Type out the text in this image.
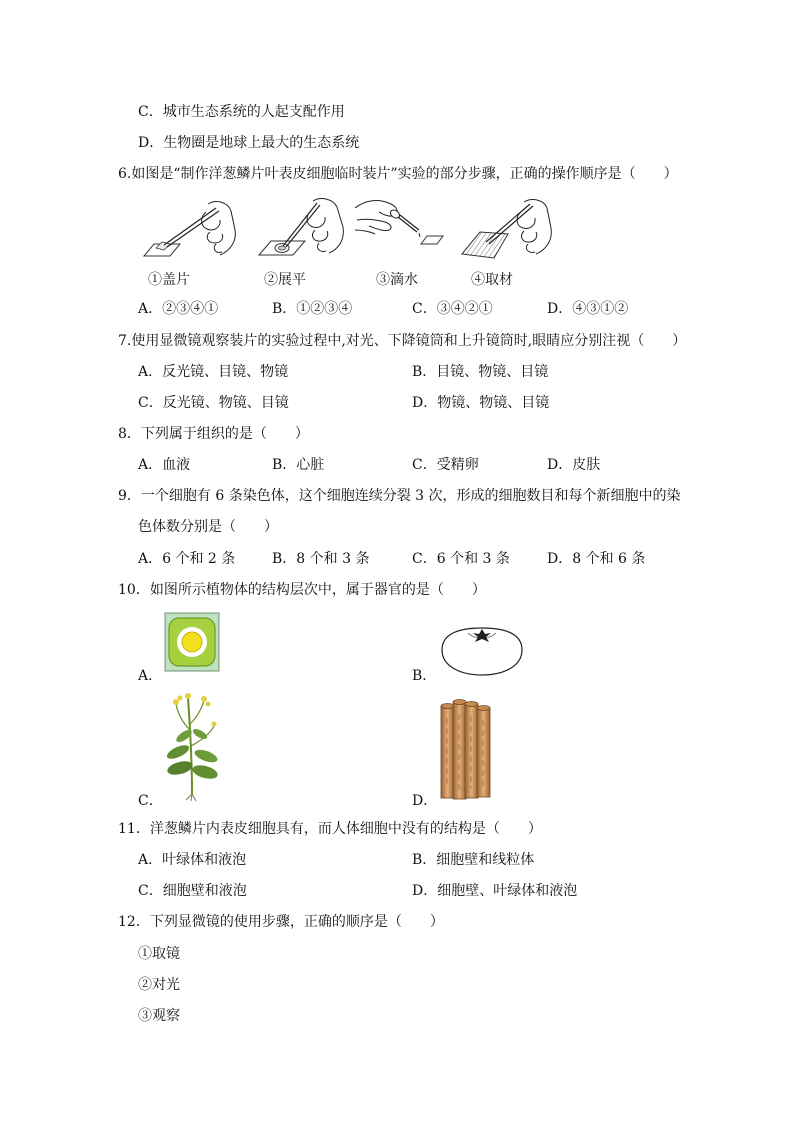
C．城市生态系统的人起支配作用
D．生物圈是地球上最大的生态系统
6.如图是“制作洋葱鳞片叶表皮细胞临时装片”实验的部分步骤，正确的操作顺序是（　　）
①盖片	②展平	③滴水	④取材
A．②③④①	B．①②③④	C．③④②①	D．④③①②
7.使用显微镜观察装片的实验过程中,对光、下降镜筒和上升镜筒时,眼睛应分别注视（　　）
A．反光镜、目镜、物镜	B．目镜、物镜、目镜
C．反光镜、物镜、目镜	D．物镜、物镜、目镜
8．下列属于组织的是（　　）
A．血液	B．心脏	C．受精卵	D．皮肤
9．一个细胞有 6 条染色体，这个细胞连续分裂 3 次，形成的细胞数目和每个新细胞中的染
色体数分别是（　　）
A．6 个和 2 条	B．8 个和 3 条	C．6 个和 3 条	D．8 个和 6 条
10．如图所示植物体的结构层次中，属于器官的是（　　）
A．	B．
C．	D．
11．洋葱鳞片内表皮细胞具有，而人体细胞中没有的结构是（　　）
A．叶绿体和液泡	B．细胞壁和线粒体
C．细胞壁和液泡	D．细胞壁、叶绿体和液泡
12．下列显微镜的使用步骤，正确的顺序是（　　）
①取镜
②对光
③观察
